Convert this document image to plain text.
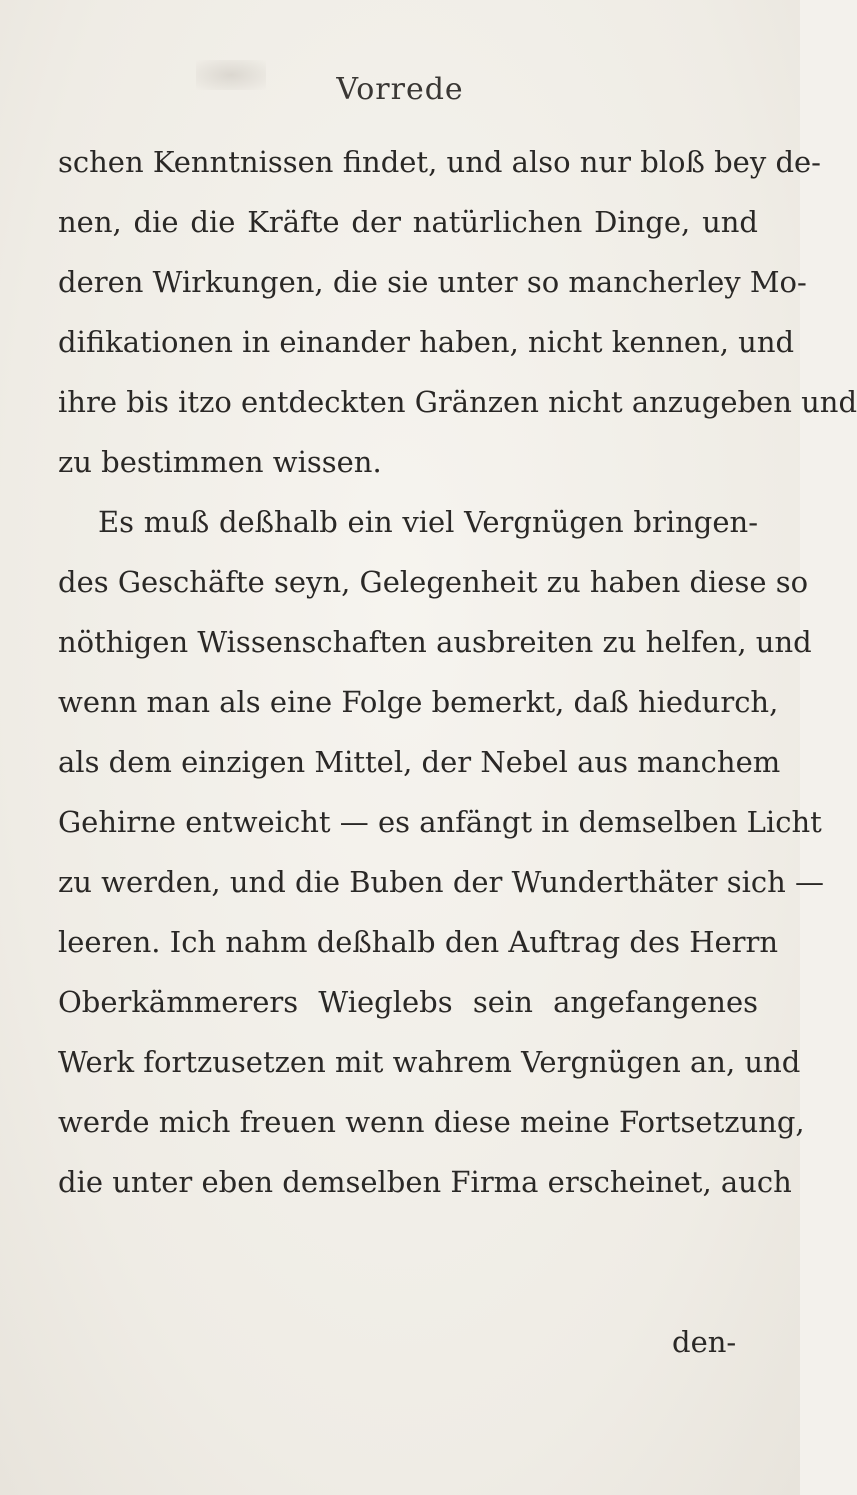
Vorrede
schen Kenntnissen findet, und also nur bloß bey de-
nen, die die Kräfte der natürlichen Dinge, und
deren Wirkungen, die sie unter so mancherley Mo-
difikationen in einander haben, nicht kennen, und
ihre bis itzo entdeckten Gränzen nicht anzugeben und
zu bestimmen wissen.
Es muß deßhalb ein viel Vergnügen bringen-
des Geschäfte seyn, Gelegenheit zu haben diese so
nöthigen Wissenschaften ausbreiten zu helfen, und
wenn man als eine Folge bemerkt, daß hiedurch,
als dem einzigen Mittel, der Nebel aus manchem
Gehirne entweicht — es anfängt in demselben Licht
zu werden, und die Buben der Wunderthäter sich —
leeren. Ich nahm deßhalb den Auftrag des Herrn
Oberkämmerers Wieglebs sein angefangenes
Werk fortzusetzen mit wahrem Vergnügen an, und
werde mich freuen wenn diese meine Fortsetzung,
die unter eben demselben Firma erscheinet, auch
den-
